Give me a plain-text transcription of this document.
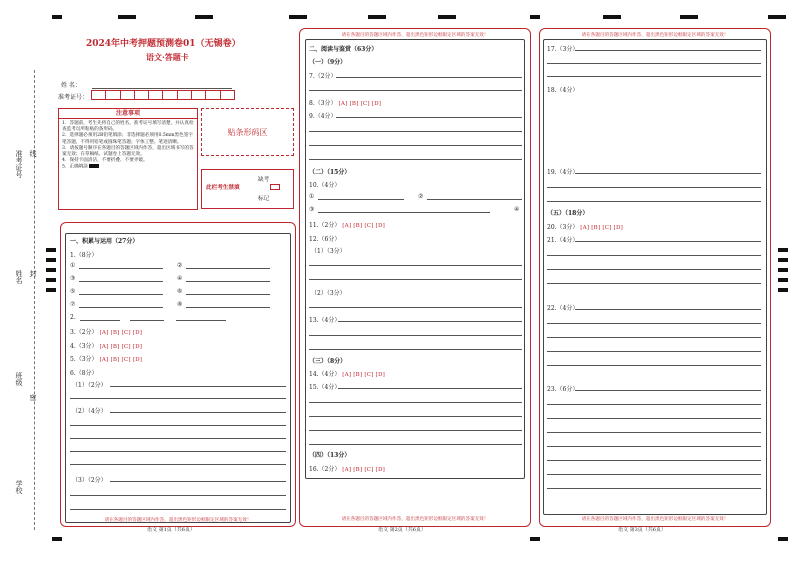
准考证号 线
姓名 封
班级
密
学校
2024年中考押题预测卷01（无锡卷）
语文·答题卡
姓 名：
准考证号：
注意事项
1．答题前，考生先将自己的姓名，准考证号填写清楚，并认真检查监考员所粘贴的条形码。
2．选择题必须用2B铅笔填涂；非选择题必须用0.5mm黑色签字笔答题，不得用铅笔或圆珠笔答题；字体工整、笔迹清晰。
3．请按题号顺序在各题目的答题区域内作答，超出区域书写的答案无效；在草稿纸、试题卷上答题无效。
4．保持卡面清洁，不要折叠、不要弄破。
5．正确填涂
贴条形码区
此栏考生禁填
缺考
标记
一、积累与运用（27分）
1.（8分）
①	②
③	④
⑤	⑥
⑦	⑧
2.
3.（2分） [A] [B] [C] [D]
4.（3分） [A] [B] [C] [D]
5.（3分） [A] [B] [C] [D]
6.（8分）
（1）（2分）
（2）（4分）
（3）（2分）
请在各题目的答题区域内作答，超出黑色矩形边框限定区域的答案无效！
语文 第1页（共6页）
请在各题目的答题区域内作答，超出黑色矩形边框限定区域的答案无效！
二、阅读与鉴赏（63分）
（一）（9分）
7.（2分）
8.（3分） [A] [B] [C] [D]
9.（4分）
（二）（15分）
10.（4分）
①	②
③	④
11.（2分） [A] [B] [C] [D]
12.（6分）
（1）（3分）
（2）（3分）
13.（4分）
（三）（8分）
14.（4分） [A] [B] [C] [D]
15.（4分）
（四）（13分）
16.（2分） [A] [B] [C] [D]
请在各题目的答题区域内作答，超出黑色矩形边框限定区域的答案无效！
语文 第2页（共6页）
请在各题目的答题区域内作答，超出黑色矩形边框限定区域的答案无效！
17.（3分）
18.（4分）
19.（4分）
（五）（18分）
20.（3分） [A] [B] [C] [D]
21.（4分）
22.（4分）
23.（6分）
请在各题目的答题区域内作答，超出黑色矩形边框限定区域的答案无效！
语文 第3页（共6页）
